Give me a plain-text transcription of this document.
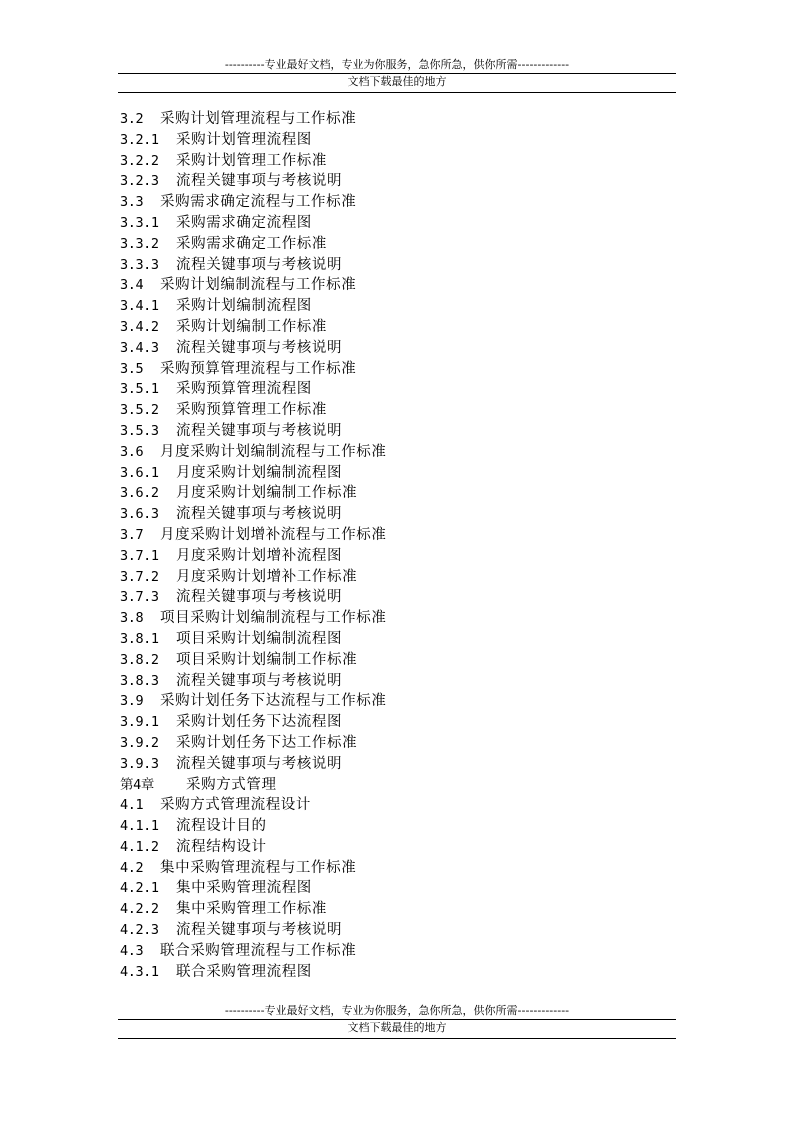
----------专业最好文档，专业为你服务，急你所急，供你所需-------------
文档下载最佳的地方
3.2 采购计划管理流程与工作标准
3.2.1 采购计划管理流程图
3.2.2 采购计划管理工作标准
3.2.3 流程关键事项与考核说明
3.3 采购需求确定流程与工作标准
3.3.1 采购需求确定流程图
3.3.2 采购需求确定工作标准
3.3.3 流程关键事项与考核说明
3.4 采购计划编制流程与工作标准
3.4.1 采购计划编制流程图
3.4.2 采购计划编制工作标准
3.4.3 流程关键事项与考核说明
3.5 采购预算管理流程与工作标准
3.5.1 采购预算管理流程图
3.5.2 采购预算管理工作标准
3.5.3 流程关键事项与考核说明
3.6 月度采购计划编制流程与工作标准
3.6.1 月度采购计划编制流程图
3.6.2 月度采购计划编制工作标准
3.6.3 流程关键事项与考核说明
3.7 月度采购计划增补流程与工作标准
3.7.1 月度采购计划增补流程图
3.7.2 月度采购计划增补工作标准
3.7.3 流程关键事项与考核说明
3.8 项目采购计划编制流程与工作标准
3.8.1 项目采购计划编制流程图
3.8.2 项目采购计划编制工作标准
3.8.3 流程关键事项与考核说明
3.9 采购计划任务下达流程与工作标准
3.9.1 采购计划任务下达流程图
3.9.2 采购计划任务下达工作标准
3.9.3 流程关键事项与考核说明
第4章 采购方式管理
4.1 采购方式管理流程设计
4.1.1 流程设计目的
4.1.2 流程结构设计
4.2 集中采购管理流程与工作标准
4.2.1 集中采购管理流程图
4.2.2 集中采购管理工作标准
4.2.3 流程关键事项与考核说明
4.3 联合采购管理流程与工作标准
4.3.1 联合采购管理流程图
----------专业最好文档，专业为你服务，急你所急，供你所需-------------
文档下载最佳的地方
